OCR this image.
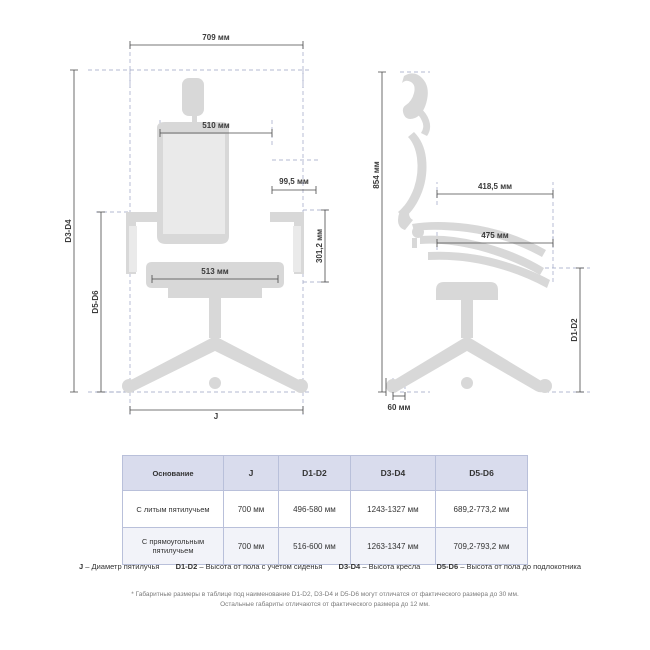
709 мм
510 мм
99,5 мм
513 мм
301,2 мм
D3-D4
D5-D6
J
854 мм	418,5 мм
475 мм
D1-D2
60 мм
Основание	J	D1-D2	D3-D4	D5-D6
С литым пятилучьем	700 мм	496-580 мм	1243-1327 мм	689,2-773,2 мм
С прямоугольным пятилучьем	700 мм	516-600 мм	1263-1347 мм	709,2-793,2 мм
J – Диаметр пятилучья D1-D2 – Высота от пола с учетом сиденья D3-D4 – Высота кресла D5-D6 – Высота от пола до подлокотника
* Габаритные размеры в таблице под наименование D1-D2, D3-D4 и D5-D6 могут отличатся от фактического размера до 30 мм.
Остальные габариты отличаются от фактического размера до 12 мм.
